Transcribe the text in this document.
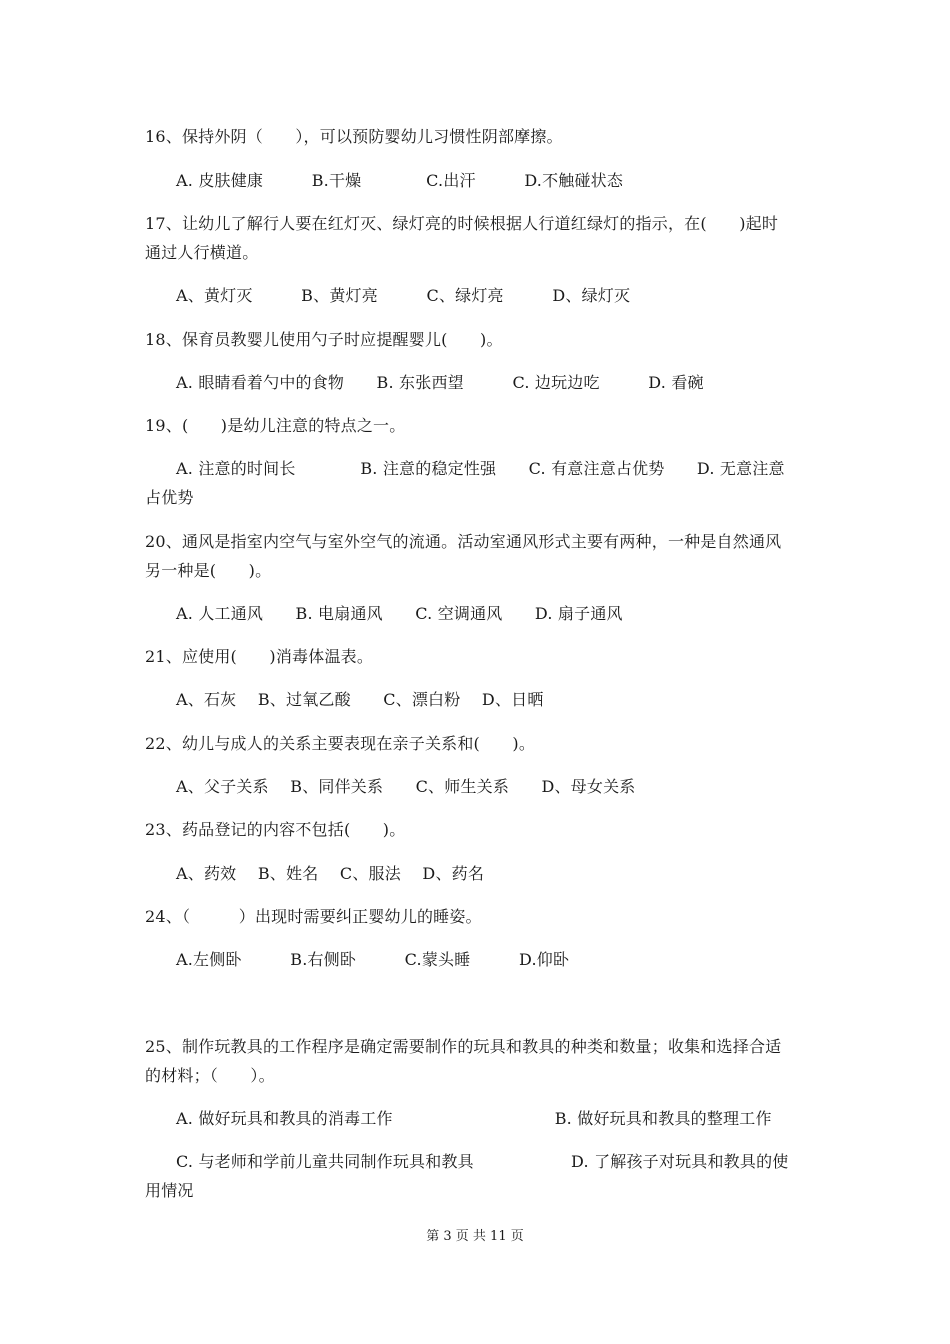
16、保持外阴（　　），可以预防婴幼儿习惯性阴部摩擦。
A. 皮肤健康　　　B.干燥　　　　C.出汗　　　D.不触碰状态
17、让幼儿了解行人要在红灯灭、绿灯亮的时候根据人行道红绿灯的指示，在(　　)起时
通过人行横道。
A、黄灯灭　　　B、黄灯亮　　　C、绿灯亮　　　D、绿灯灭
18、保育员教婴儿使用勺子时应提醒婴儿(　　)。
A. 眼睛看着勺中的食物　　B. 东张西望　　　C. 边玩边吃　　　D. 看碗
19、(　　)是幼儿注意的特点之一。
A. 注意的时间长　　　　B. 注意的稳定性强　　C. 有意注意占优势　　D. 无意注意
占优势
20、通风是指室内空气与室外空气的流通。活动室通风形式主要有两种，一种是自然通风
另一种是(　　)。
A. 人工通风　　B. 电扇通风　　C. 空调通风　　D. 扇子通风
21、应使用(　　)消毒体温表。
A、石灰　 B、过氧乙酸　　C、漂白粉　 D、日晒
22、幼儿与成人的关系主要表现在亲子关系和(　　)。
A、父子关系　 B、同伴关系　　C、师生关系　　D、母女关系
23、药品登记的内容不包括(　　)。
A、药效　 B、姓名　 C、服法　 D、药名
24、（　　　）出现时需要纠正婴幼儿的睡姿。
A.左侧卧　　　B.右侧卧　　　C.蒙头睡　　　D.仰卧
25、制作玩教具的工作程序是确定需要制作的玩具和教具的种类和数量；收集和选择合适
的材料；（　　）。
A. 做好玩具和教具的消毒工作　　　　　　　　　　B. 做好玩具和教具的整理工作
C. 与老师和学前儿童共同制作玩具和教具　　　　　　D. 了解孩子对玩具和教具的使
用情况
第 3 页 共 11 页
